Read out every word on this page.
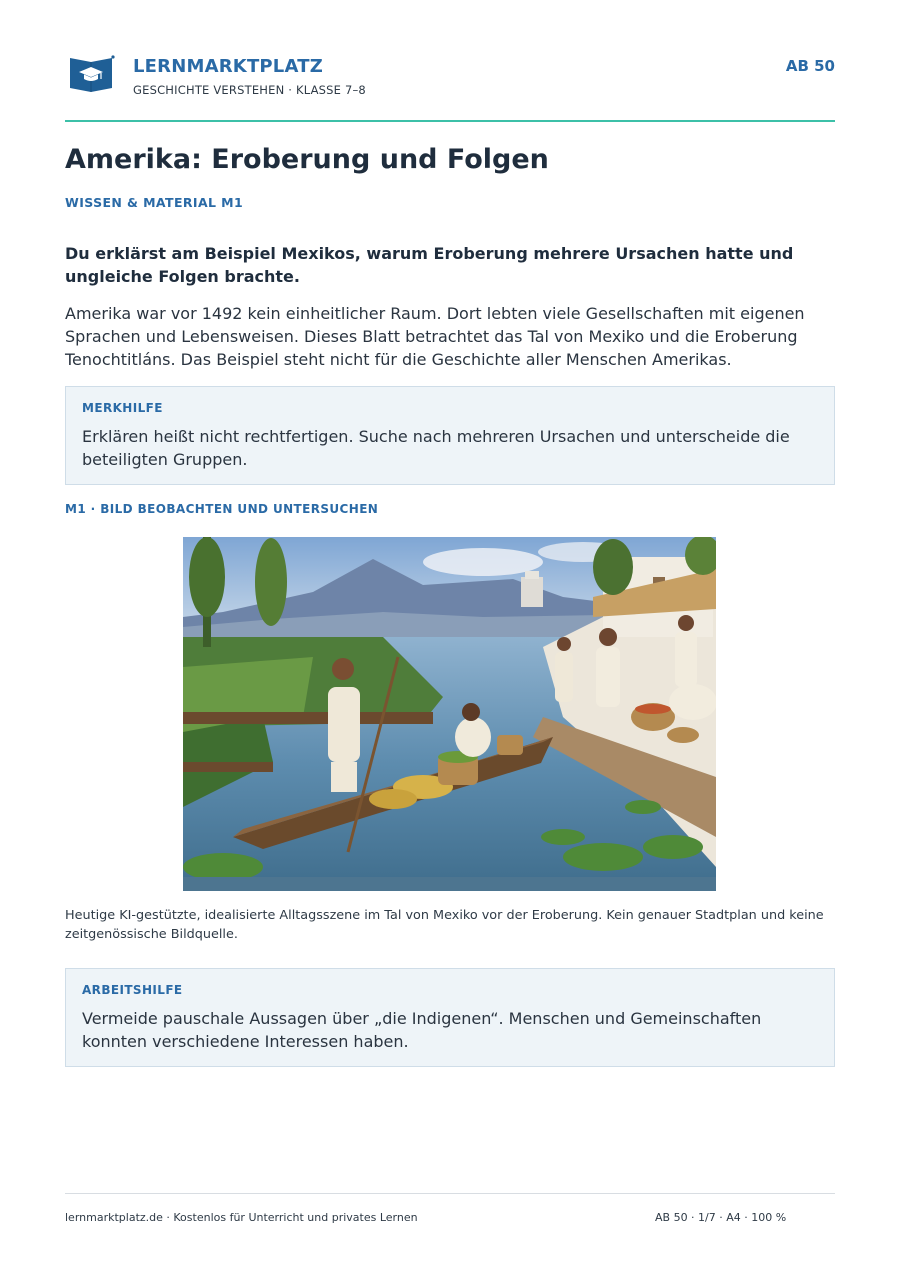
LERNMARKTPLATZ
GESCHICHTE VERSTEHEN · KLASSE 7–8
AB 50
Amerika: Eroberung und Folgen
WISSEN & MATERIAL M1

Du erklärst am Beispiel Mexikos, warum Eroberung mehrere Ursachen hatte und ungleiche Folgen brachte.

Amerika war vor 1492 kein einheitlicher Raum. Dort lebten viele Gesellschaften mit eigenen Sprachen und Lebensweisen. Dieses Blatt betrachtet das Tal von Mexiko und die Eroberung Tenochtitláns. Das Beispiel steht nicht für die Geschichte aller Menschen Amerikas.

MERKHILFE
Erklären heißt nicht rechtfertigen. Suche nach mehreren Ursachen und unterscheide die beteiligten Gruppen.
M1 · BILD BEOBACHTEN UND UNTERSUCHEN

Heutige KI-gestützte, idealisierte Alltagsszene im Tal von Mexiko vor der Eroberung. Kein genauer Stadtplan und keine zeitgenössische Bildquelle.

ARBEITSHILFE
Vermeide pauschale Aussagen über „die Indigenen“. Menschen und Gemeinschaften konnten verschiedene Interessen haben.
lernmarktplatz.de · Kostenlos für Unterricht und privates Lernen	AB 50 · 1/7 · A4 · 100 %
